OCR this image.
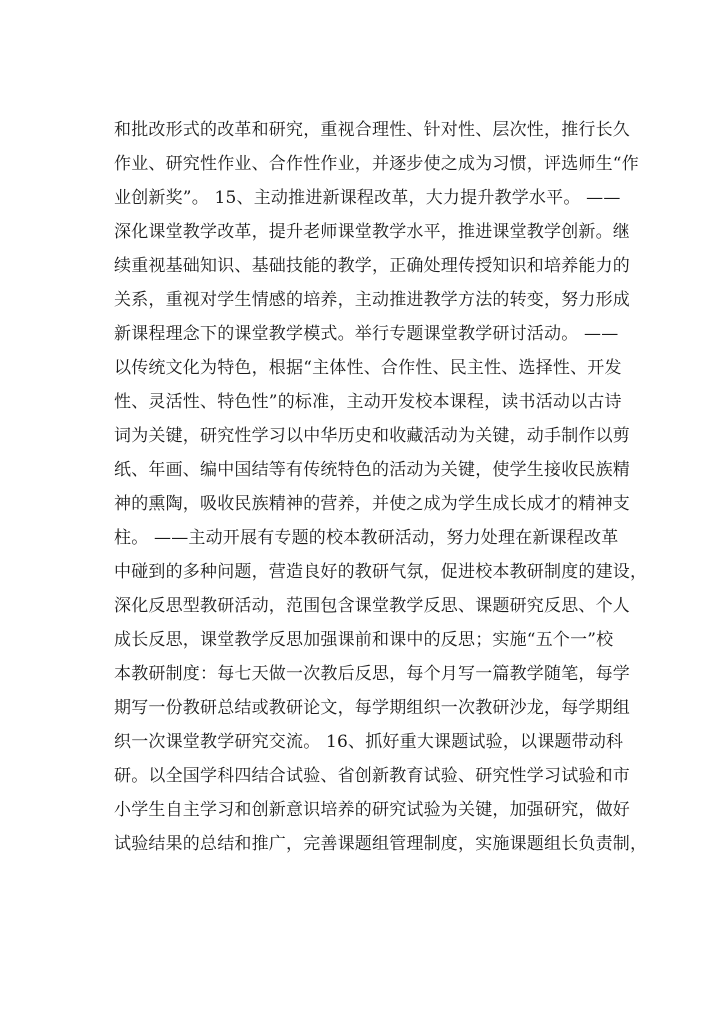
和批改形式的改革和研究，重视合理性、针对性、层次性，推行长久
作业、研究性作业、合作性作业，并逐步使之成为习惯，评选师生“作
业创新奖”。 15、主动推进新课程改革，大力提升教学水平。 ——
深化课堂教学改革，提升老师课堂教学水平，推进课堂教学创新。继
续重视基础知识、基础技能的教学，正确处理传授知识和培养能力的
关系，重视对学生情感的培养，主动推进教学方法的转变，努力形成
新课程理念下的课堂教学模式。举行专题课堂教学研讨活动。 ——
以传统文化为特色，根据“主体性、合作性、民主性、选择性、开发
性、灵活性、特色性”的标准，主动开发校本课程，读书活动以古诗
词为关键，研究性学习以中华历史和收藏活动为关键，动手制作以剪
纸、年画、编中国结等有传统特色的活动为关键，使学生接收民族精
神的熏陶，吸收民族精神的营养，并使之成为学生成长成才的精神支
柱。 ——主动开展有专题的校本教研活动，努力处理在新课程改革
中碰到的多种问题，营造良好的教研气氛，促进校本教研制度的建设，
深化反思型教研活动，范围包含课堂教学反思、课题研究反思、个人
成长反思，课堂教学反思加强课前和课中的反思；实施“五个一”校
本教研制度：每七天做一次教后反思，每个月写一篇教学随笔，每学
期写一份教研总结或教研论文，每学期组织一次教研沙龙，每学期组
织一次课堂教学研究交流。 16、抓好重大课题试验，以课题带动科
研。以全国学科四结合试验、省创新教育试验、研究性学习试验和市
小学生自主学习和创新意识培养的研究试验为关键，加强研究，做好
试验结果的总结和推广，完善课题组管理制度，实施课题组长负责制，
